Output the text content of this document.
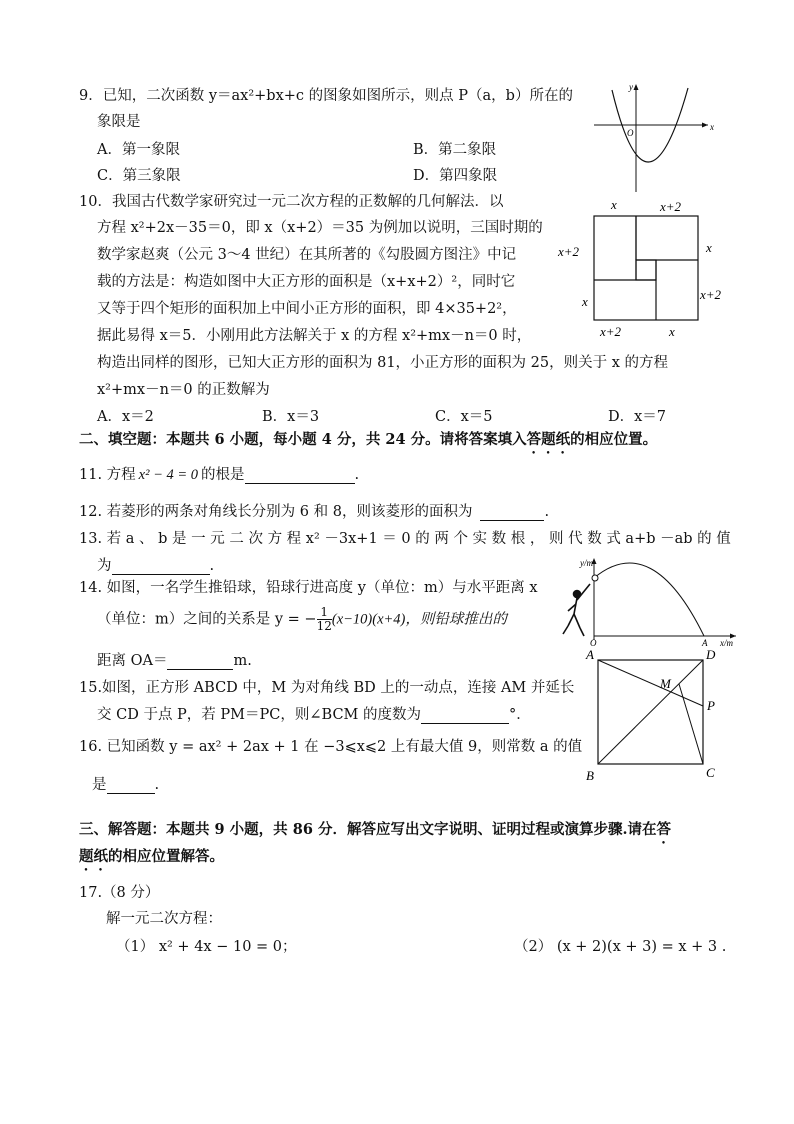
9．已知，二次函数 y＝ax²+bx+c 的图象如图所示，则点 P（a，b）所在的
象限是
A．第一象限	B．第二象限
C．第三象限	D．第四象限
x
y
O
10．我国古代数学家研究过一元二次方程的正数解的几何解法．以
方程 x²+2x－35＝0，即 x（x+2）＝35 为例加以说明，三国时期的
数学家赵爽（公元 3～4 世纪）在其所著的《勾股圆方图注》中记
载的方法是：构造如图中大正方形的面积是（x+x+2）²，同时它
又等于四个矩形的面积加上中间小正方形的面积，即 4×35+2²，
据此易得 x＝5．小刚用此方法解关于 x 的方程 x²+mx－n＝0 时，
构造出同样的图形，已知大正方形的面积为 81，小正方形的面积为 25，则关于 x 的方程
x²+mx－n＝0 的正数解为
A．x＝2	B．x＝3	C．x＝5	D．x＝7
x	x+2
x+2
x
x
x+2
x+2	x
二、填空题：本题共 6 小题，每小题 4 分，共 24 分。请将答案填入答题纸的相应位置。
11. 方程 x² − 4 = 0 的根是	.
12. 若菱形的两条对角线长分别为 6 和 8，则该菱形的面积为	.
13. 若 a 、 b 是 一 元 二 次 方 程 x² －3x+1 ＝ 0 的 两 个 实 数 根 ， 则 代 数 式 a+b －ab 的 值
为	.
14. 如图，一名学生推铅球，铅球行进高度 y（单位：m）与水平距离 x
（单位：m）之间的关系是 y = − $\frac{1}{12} (x-10)(x+4)$，则铅球推出的
距离 OA＝	m.
y/m
x/m
O	A
15.如图，正方形 ABCD 中，M 为对角线 BD 上的一动点，连接 AM 并延长
交 CD 于点 P，若 PM＝PC，则∠BCM 的度数为	°．
A	D
B	C
M
P
16. 已知函数 y = ax² + 2ax + 1 在 −3⩽x⩽2 上有最大值 9，则常数 a 的值
是	.
三、解答题：本题共 9 小题，共 86 分．解答应写出文字说明、证明过程或演算步骤.请在答
题纸的相应位置解答。
17.（8 分）
解一元二次方程：
（1） x² + 4x − 10 = 0；	（2） (x + 2)(x + 3) = x + 3 .
